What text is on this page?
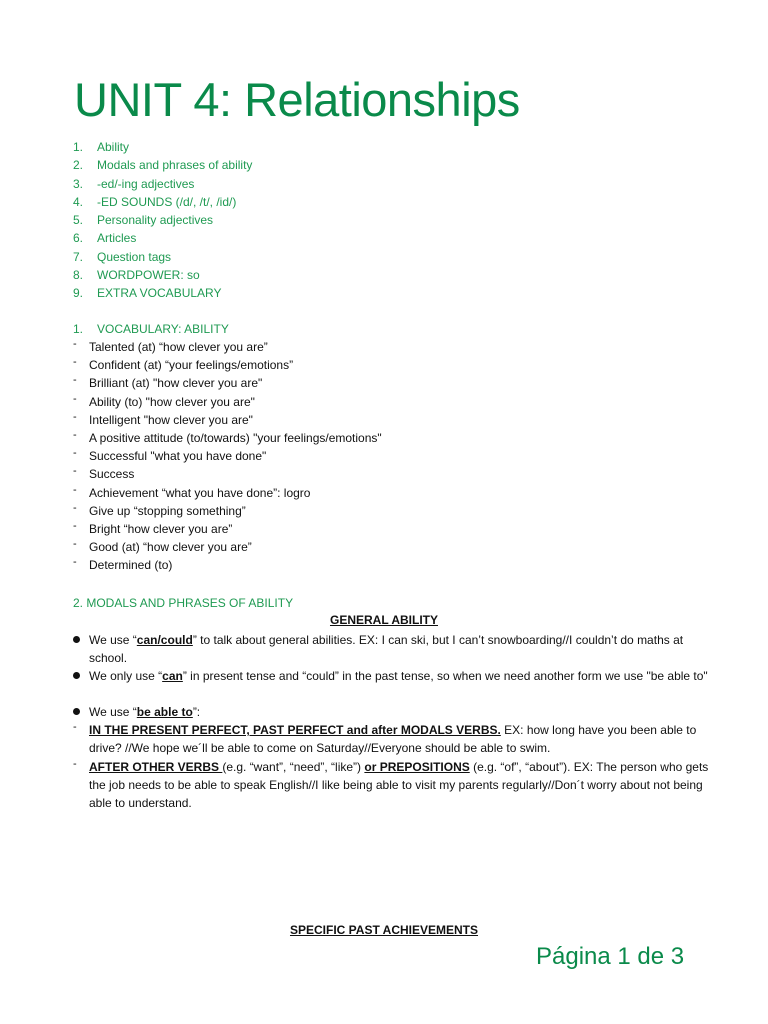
UNIT 4: Relationships
1. Ability
2. Modals and phrases of ability
3. -ed/-ing adjectives
4. -ED SOUNDS (/d/, /t/, /id/)
5. Personality adjectives
6. Articles
7. Question tags
8. WORDPOWER: so
9. EXTRA VOCABULARY
1. VOCABULARY: ABILITY
- Talented (at) “how clever you are”
- Confident (at) “your feelings/emotions”
- Brilliant (at) "how clever you are"
- Ability (to) "how clever you are"
- Intelligent "how clever you are"
- A positive attitude (to/towards) "your feelings/emotions"
- Successful "what you have done"
- Success
- Achievement “what you have done”: logro
- Give up “stopping something”
- Bright “how clever you are”
- Good (at) “how clever you are”
- Determined (to)
2. MODALS AND PHRASES OF ABILITY
GENERAL ABILITY
We use “can/could” to talk about general abilities. EX: I can ski, but I can’t snowboarding//I couldn’t do maths at school.
We only use “can” in present tense and “could” in the past tense, so when we need another form we use "be able to"
We use “be able to”:
-	IN THE PRESENT PERFECT, PAST PERFECT and after MODALS VERBS. EX: how long have you been able to drive? //We hope we´ll be able to come on Saturday//Everyone should be able to swim.
-	AFTER OTHER VERBS (e.g. “want”, “need”, “like”) or PREPOSITIONS (e.g. “of”, “about”). EX: The person who gets the job needs to be able to speak English//I like being able to visit my parents regularly//Don´t worry about not being able to understand.
SPECIFIC PAST ACHIEVEMENTS
Página 1 de 3
